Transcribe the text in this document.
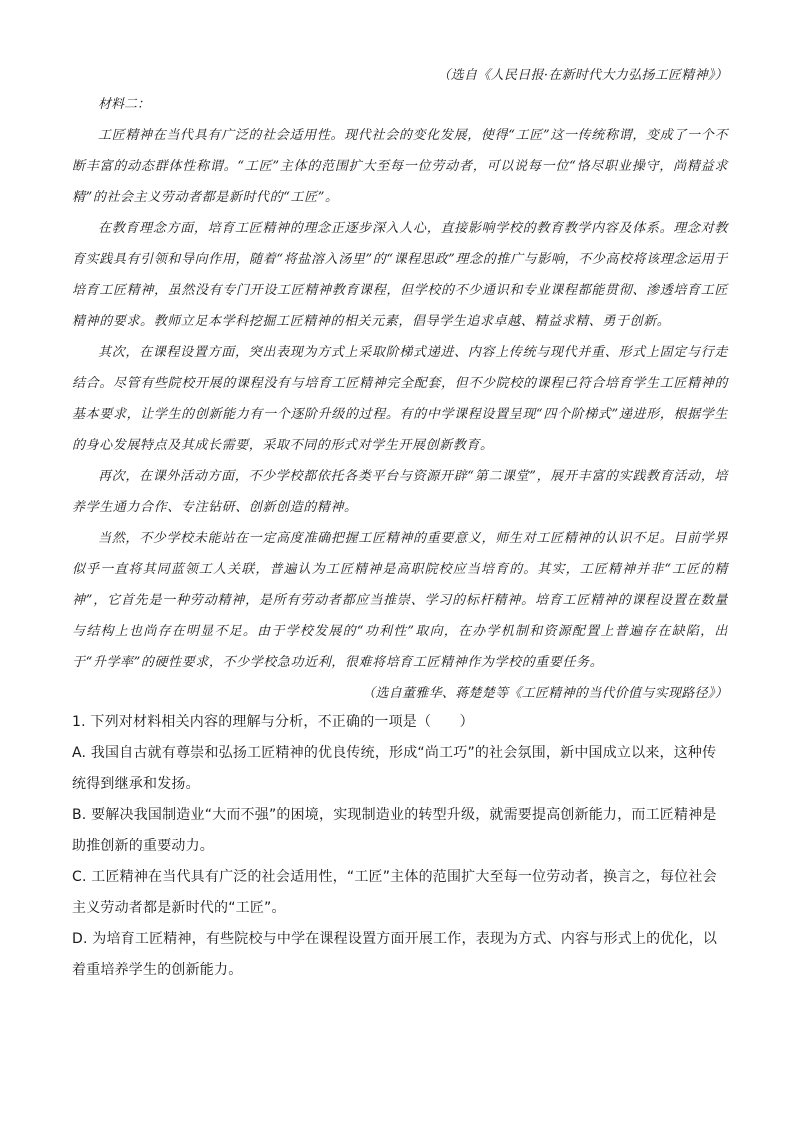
（选自《人民日报·在新时代大力弘扬工匠精神》）

材料二：

工匠精神在当代具有广泛的社会适用性。现代社会的变化发展，使得“工匠”这一传统称谓，变成了一个不断丰富的动态群体性称谓。“工匠”主体的范围扩大至每一位劳动者，可以说每一位“恪尽职业操守，尚精益求精”的社会主义劳动者都是新时代的“工匠”。

在教育理念方面，培育工匠精神的理念正逐步深入人心，直接影响学校的教育教学内容及体系。理念对教育实践具有引领和导向作用，随着“将盐溶入汤里”的“课程思政”理念的推广与影响，不少高校将该理念运用于培育工匠精神，虽然没有专门开设工匠精神教育课程，但学校的不少通识和专业课程都能贯彻、渗透培育工匠精神的要求。教师立足本学科挖掘工匠精神的相关元素，倡导学生追求卓越、精益求精、勇于创新。

其次，在课程设置方面，突出表现为方式上采取阶梯式递进、内容上传统与现代并重、形式上固定与行走结合。尽管有些院校开展的课程没有与培育工匠精神完全配套，但不少院校的课程已符合培育学生工匠精神的基本要求，让学生的创新能力有一个逐阶升级的过程。有的中学课程设置呈现“四个阶梯式”递进形，根据学生的身心发展特点及其成长需要，采取不同的形式对学生开展创新教育。

再次，在课外活动方面，不少学校都依托各类平台与资源开辟“第二课堂”，展开丰富的实践教育活动，培养学生通力合作、专注钻研、创新创造的精神。

当然，不少学校未能站在一定高度准确把握工匠精神的重要意义，师生对工匠精神的认识不足。目前学界似乎一直将其同蓝领工人关联，普遍认为工匠精神是高职院校应当培育的。其实，工匠精神并非“工匠的精神”，它首先是一种劳动精神，是所有劳动者都应当推崇、学习的标杆精神。培育工匠精神的课程设置在数量与结构上也尚存在明显不足。由于学校发展的“功利性”取向，在办学机制和资源配置上普遍存在缺陷，出于“升学率”的硬性要求，不少学校急功近利，很难将培育工匠精神作为学校的重要任务。

（选自董雅华、蒋楚楚等《工匠精神的当代价值与实现路径》）

1. 下列对材料相关内容的理解与分析，不正确的一项是（　　）

A. 我国自古就有尊崇和弘扬工匠精神的优良传统，形成“尚工巧”的社会氛围，新中国成立以来，这种传统得到继承和发扬。

B. 要解决我国制造业“大而不强”的困境，实现制造业的转型升级，就需要提高创新能力，而工匠精神是助推创新的重要动力。

C. 工匠精神在当代具有广泛的社会适用性，“工匠”主体的范围扩大至每一位劳动者，换言之，每位社会主义劳动者都是新时代的“工匠”。

D. 为培育工匠精神，有些院校与中学在课程设置方面开展工作，表现为方式、内容与形式上的优化，以着重培养学生的创新能力。
